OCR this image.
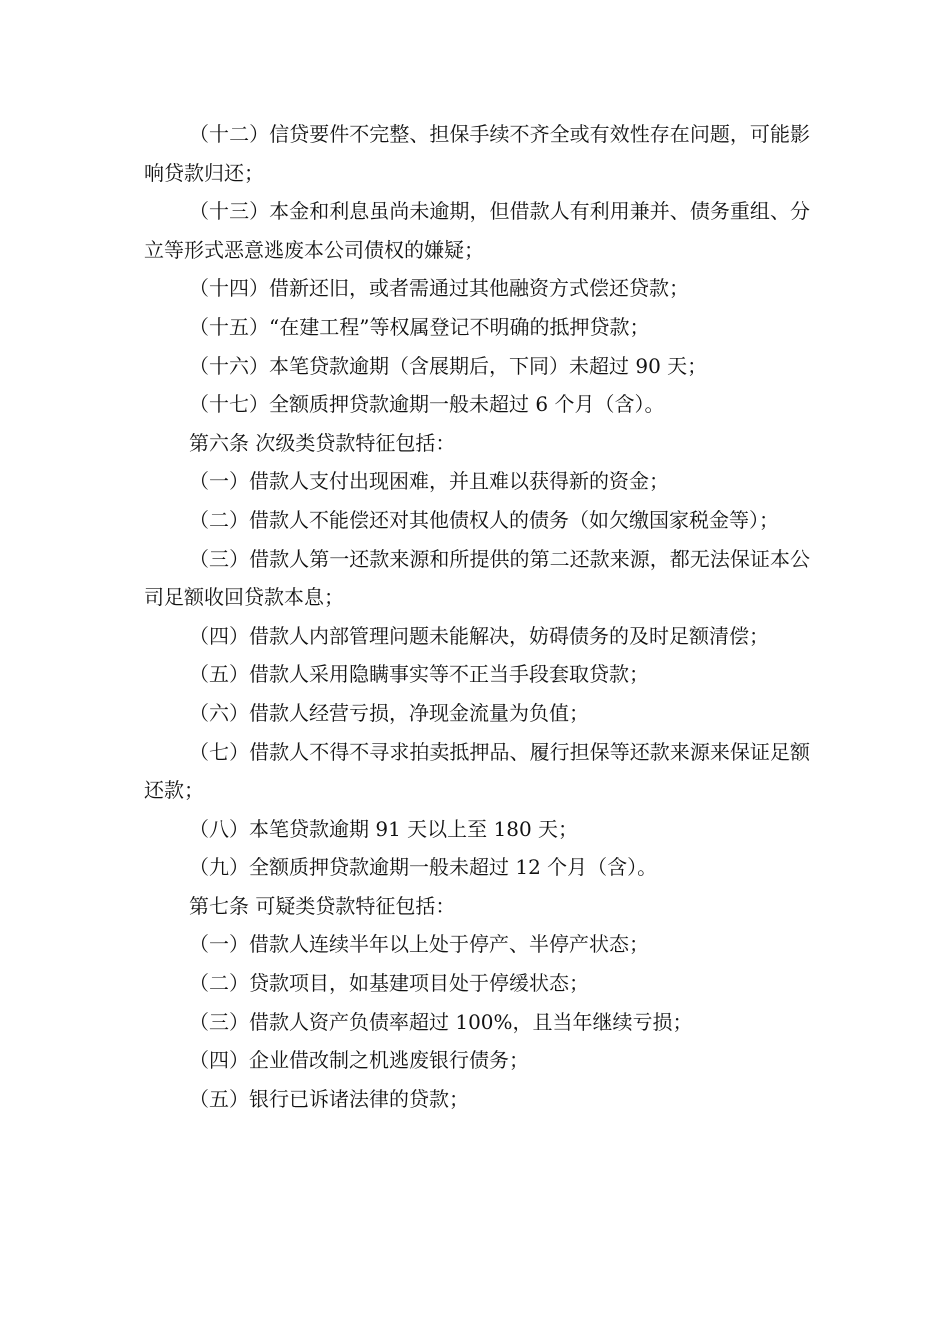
（十二）信贷要件不完整、担保手续不齐全或有效性存在问题，可能影响贷款归还；

（十三）本金和利息虽尚未逾期，但借款人有利用兼并、债务重组、分立等形式恶意逃废本公司债权的嫌疑；

（十四）借新还旧，或者需通过其他融资方式偿还贷款；

（十五）“在建工程”等权属登记不明确的抵押贷款；

（十六）本笔贷款逾期（含展期后，下同）未超过 90 天；

（十七）全额质押贷款逾期一般未超过 6 个月（含）。

第六条 次级类贷款特征包括：

（一）借款人支付出现困难，并且难以获得新的资金；

（二）借款人不能偿还对其他债权人的债务（如欠缴国家税金等）；

（三）借款人第一还款来源和所提供的第二还款来源，都无法保证本公司足额收回贷款本息；

（四）借款人内部管理问题未能解决，妨碍债务的及时足额清偿；

（五）借款人采用隐瞒事实等不正当手段套取贷款；

（六）借款人经营亏损，净现金流量为负值；

（七）借款人不得不寻求拍卖抵押品、履行担保等还款来源来保证足额还款；

（八）本笔贷款逾期 91 天以上至 180 天；

（九）全额质押贷款逾期一般未超过 12 个月（含）。

第七条 可疑类贷款特征包括：

（一）借款人连续半年以上处于停产、半停产状态；

（二）贷款项目，如基建项目处于停缓状态；

（三）借款人资产负债率超过 100%，且当年继续亏损；

（四）企业借改制之机逃废银行债务；

（五）银行已诉诸法律的贷款；
